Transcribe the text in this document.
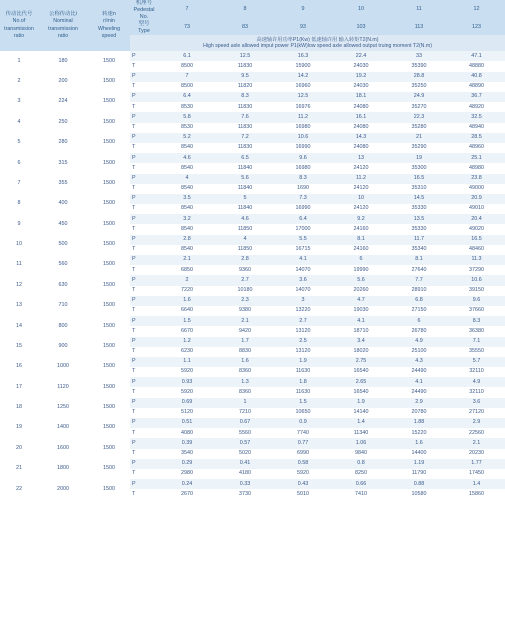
传动比代号
No.of
transmission
ratio	公称传动比i
Nominal
transmission
ratio	转速n
r/min
Wheeling
speed	机座号
Pedestal No.	7	8	9	10	11	12
			型号
Type	73	83	93	103	113	123

			高速轴许用功率P1(Kw) 低速轴许用 输入转矩T2(N.m)
High speed axle allowed imput power P1(kW)low speed axle allowed output truing moment T2(N.m)						

1	180	1500	P	6.1	12.5	16.3	22.4	33	47.1
			T	8500	11830	15900	24030	35390	48880
2	200	1500	P	7	9.5	14.2	19.2	28.8	40.8
			T	8500	11820	16960	24030	35250	48890
3	224	1500	P	6.4	8.3	12.5	18.1	24.9	36.7
			T	8530	11830	16976	24080	35270	48920
4	250	1500	P	5.8	7.6	11.2	16.1	22.3	32.5
			T	8530	11830	16980	24080	35280	48940
5	280	1500	P	5.2	7.2	10.6	14.3	21	28.5
			T	8540	11830	16990	24080	35290	48960
6	315	1500	P	4.6	6.5	9.6	13	19	25.1
			T	8540	11840	16980	24120	35300	48980
7	355	1500	P	4	5.6	8.3	11.2	16.5	23.8
			T	8540	11840	1690	24120	35310	49000
8	400	1500	P	3.5	5	7.3	10	14.5	20.9
			T	8540	11840	16990	24120	35330	49010
9	450	1500	P	3.2	4.6	6.4	9.2	13.5	20.4
			T	8540	11850	17000	24160	35330	49020
10	500	1500	P	2.8	4	5.5	8.1	11.7	16.5
			T	8540	11850	16715	24160	35340	48460
11	560	1500	P	2.1	2.8	4.1	6	8.1	11.3
			T	6850	9360	14070	19990	27640	37290
12	630	1500	P	2	2.7	3.6	5.6	7.7	10.6
			T	7220	10180	14070	20260	28910	39150
13	710	1500	P	1.6	2.3	3	4.7	6.8	9.6
			T	6640	9380	13220	19030	27150	37660
14	800	1500	P	1.5	2.1	2.7	4.1	6	8.3
			T	6670	9420	13120	18710	26780	36380
15	900	1500	P	1.2	1.7	2.5	3.4	4.9	7.1
			T	6230	8830	13120	18020	25100	35550
16	1000	1500	P	1.1	1.6	1.9	2.75	4.3	5.7
			T	5920	8360	11630	16540	24490	32110
17	1120	1500	P	0.93	1.3	1.8	2.65	4.1	4.9
			T	5920	8360	11630	16540	24490	32110
18	1250	1500	P	0.69	1	1.5	1.9	2.9	3.6
			T	5120	7210	10650	14140	20780	27120
19	1400	1500	P	0.51	0.67	0.9	1.4	1.88	2.9
			T	4080	5560	7740	11340	15220	22560
20	1600	1500	P	0.39	0.57	0.77	1.06	1.6	2.1
			T	3540	5020	6990	9840	14400	20230
21	1800	1500	P	0.29	0.41	0.58	0.8	1.19	1.77
			T	2980	4180	5920	8250	11790	17450
22	2000	1500	P	0.24	0.33	0.43	0.66	0.88	1.4
			T	2670	3730	5010	7410	10580	15860
